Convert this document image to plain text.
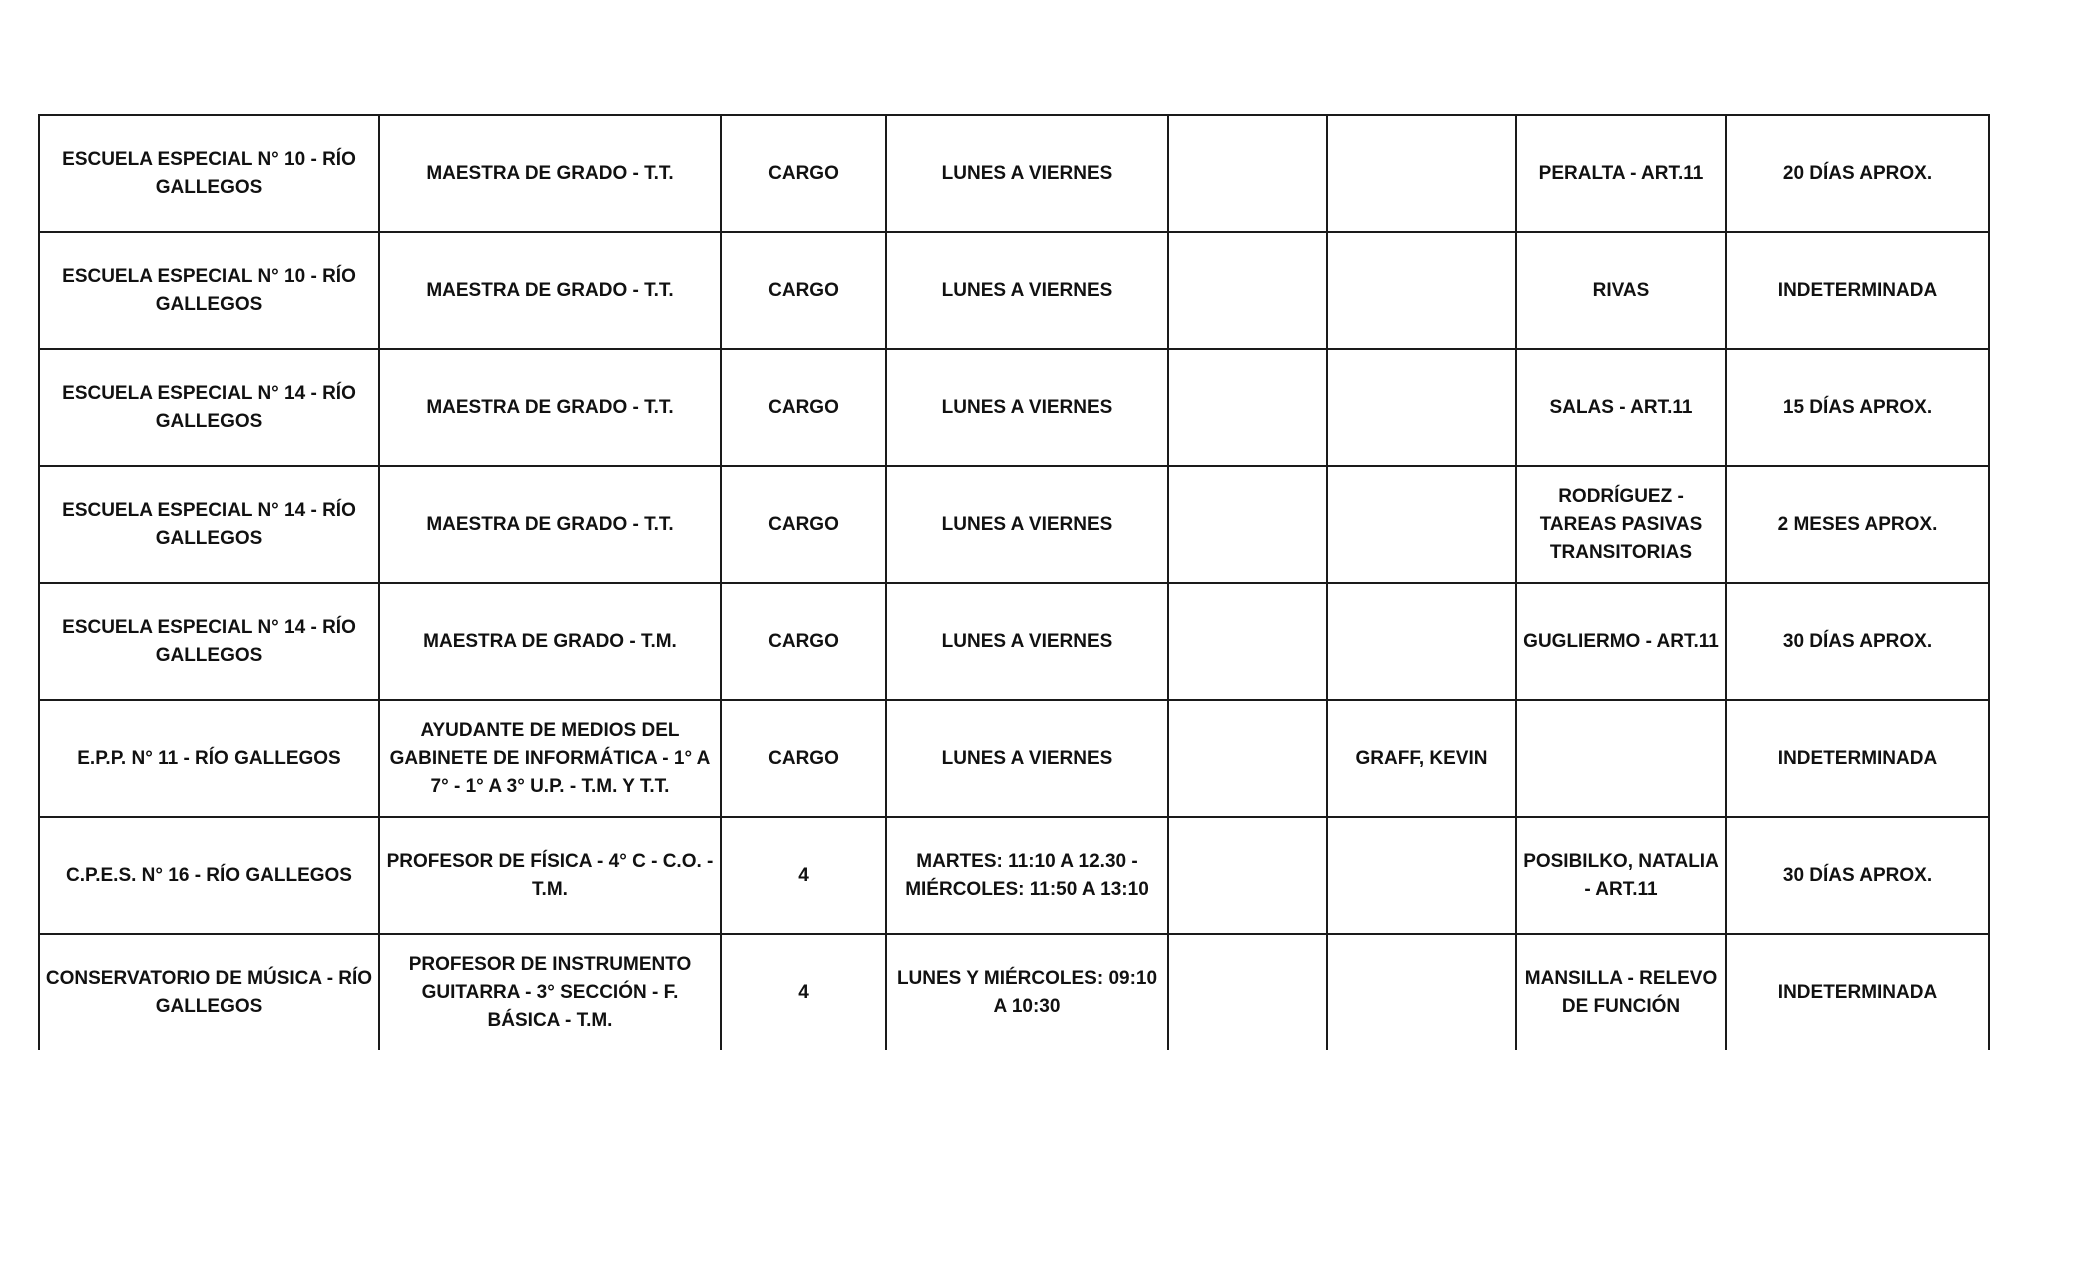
ESCUELA ESPECIAL N° 10 - RÍO GALLEGOS	MAESTRA DE GRADO - T.T.	CARGO	LUNES A VIERNES			PERALTA - ART.11	20 DÍAS APROX.
ESCUELA ESPECIAL N° 10 - RÍO GALLEGOS	MAESTRA DE GRADO - T.T.	CARGO	LUNES A VIERNES			RIVAS	INDETERMINADA
ESCUELA ESPECIAL N° 14 - RÍO GALLEGOS	MAESTRA DE GRADO - T.T.	CARGO	LUNES A VIERNES			SALAS - ART.11	15 DÍAS APROX.
ESCUELA ESPECIAL N° 14 - RÍO GALLEGOS	MAESTRA DE GRADO - T.T.	CARGO	LUNES A VIERNES			RODRÍGUEZ - TAREAS PASIVAS TRANSITORIAS	2 MESES APROX.
ESCUELA ESPECIAL N° 14 - RÍO GALLEGOS	MAESTRA DE GRADO - T.M.	CARGO	LUNES A VIERNES			GUGLIERMO - ART.11	30 DÍAS APROX.
E.P.P. N° 11 - RÍO GALLEGOS	AYUDANTE DE MEDIOS DEL GABINETE DE INFORMÁTICA - 1° A 7° - 1° A 3° U.P. - T.M. Y T.T.	CARGO	LUNES A VIERNES		GRAFF, KEVIN		INDETERMINADA
C.P.E.S. N° 16 - RÍO GALLEGOS	PROFESOR DE FÍSICA - 4° C - C.O. - T.M.	4	MARTES: 11:10 A 12.30 - MIÉRCOLES: 11:50 A 13:10			POSIBILKO, NATALIA - ART.11	30 DÍAS APROX.
CONSERVATORIO DE MÚSICA - RÍO GALLEGOS	PROFESOR DE INSTRUMENTO GUITARRA - 3° SECCIÓN - F. BÁSICA - T.M.	4	LUNES Y MIÉRCOLES: 09:10 A 10:30			MANSILLA - RELEVO DE FUNCIÓN	INDETERMINADA
